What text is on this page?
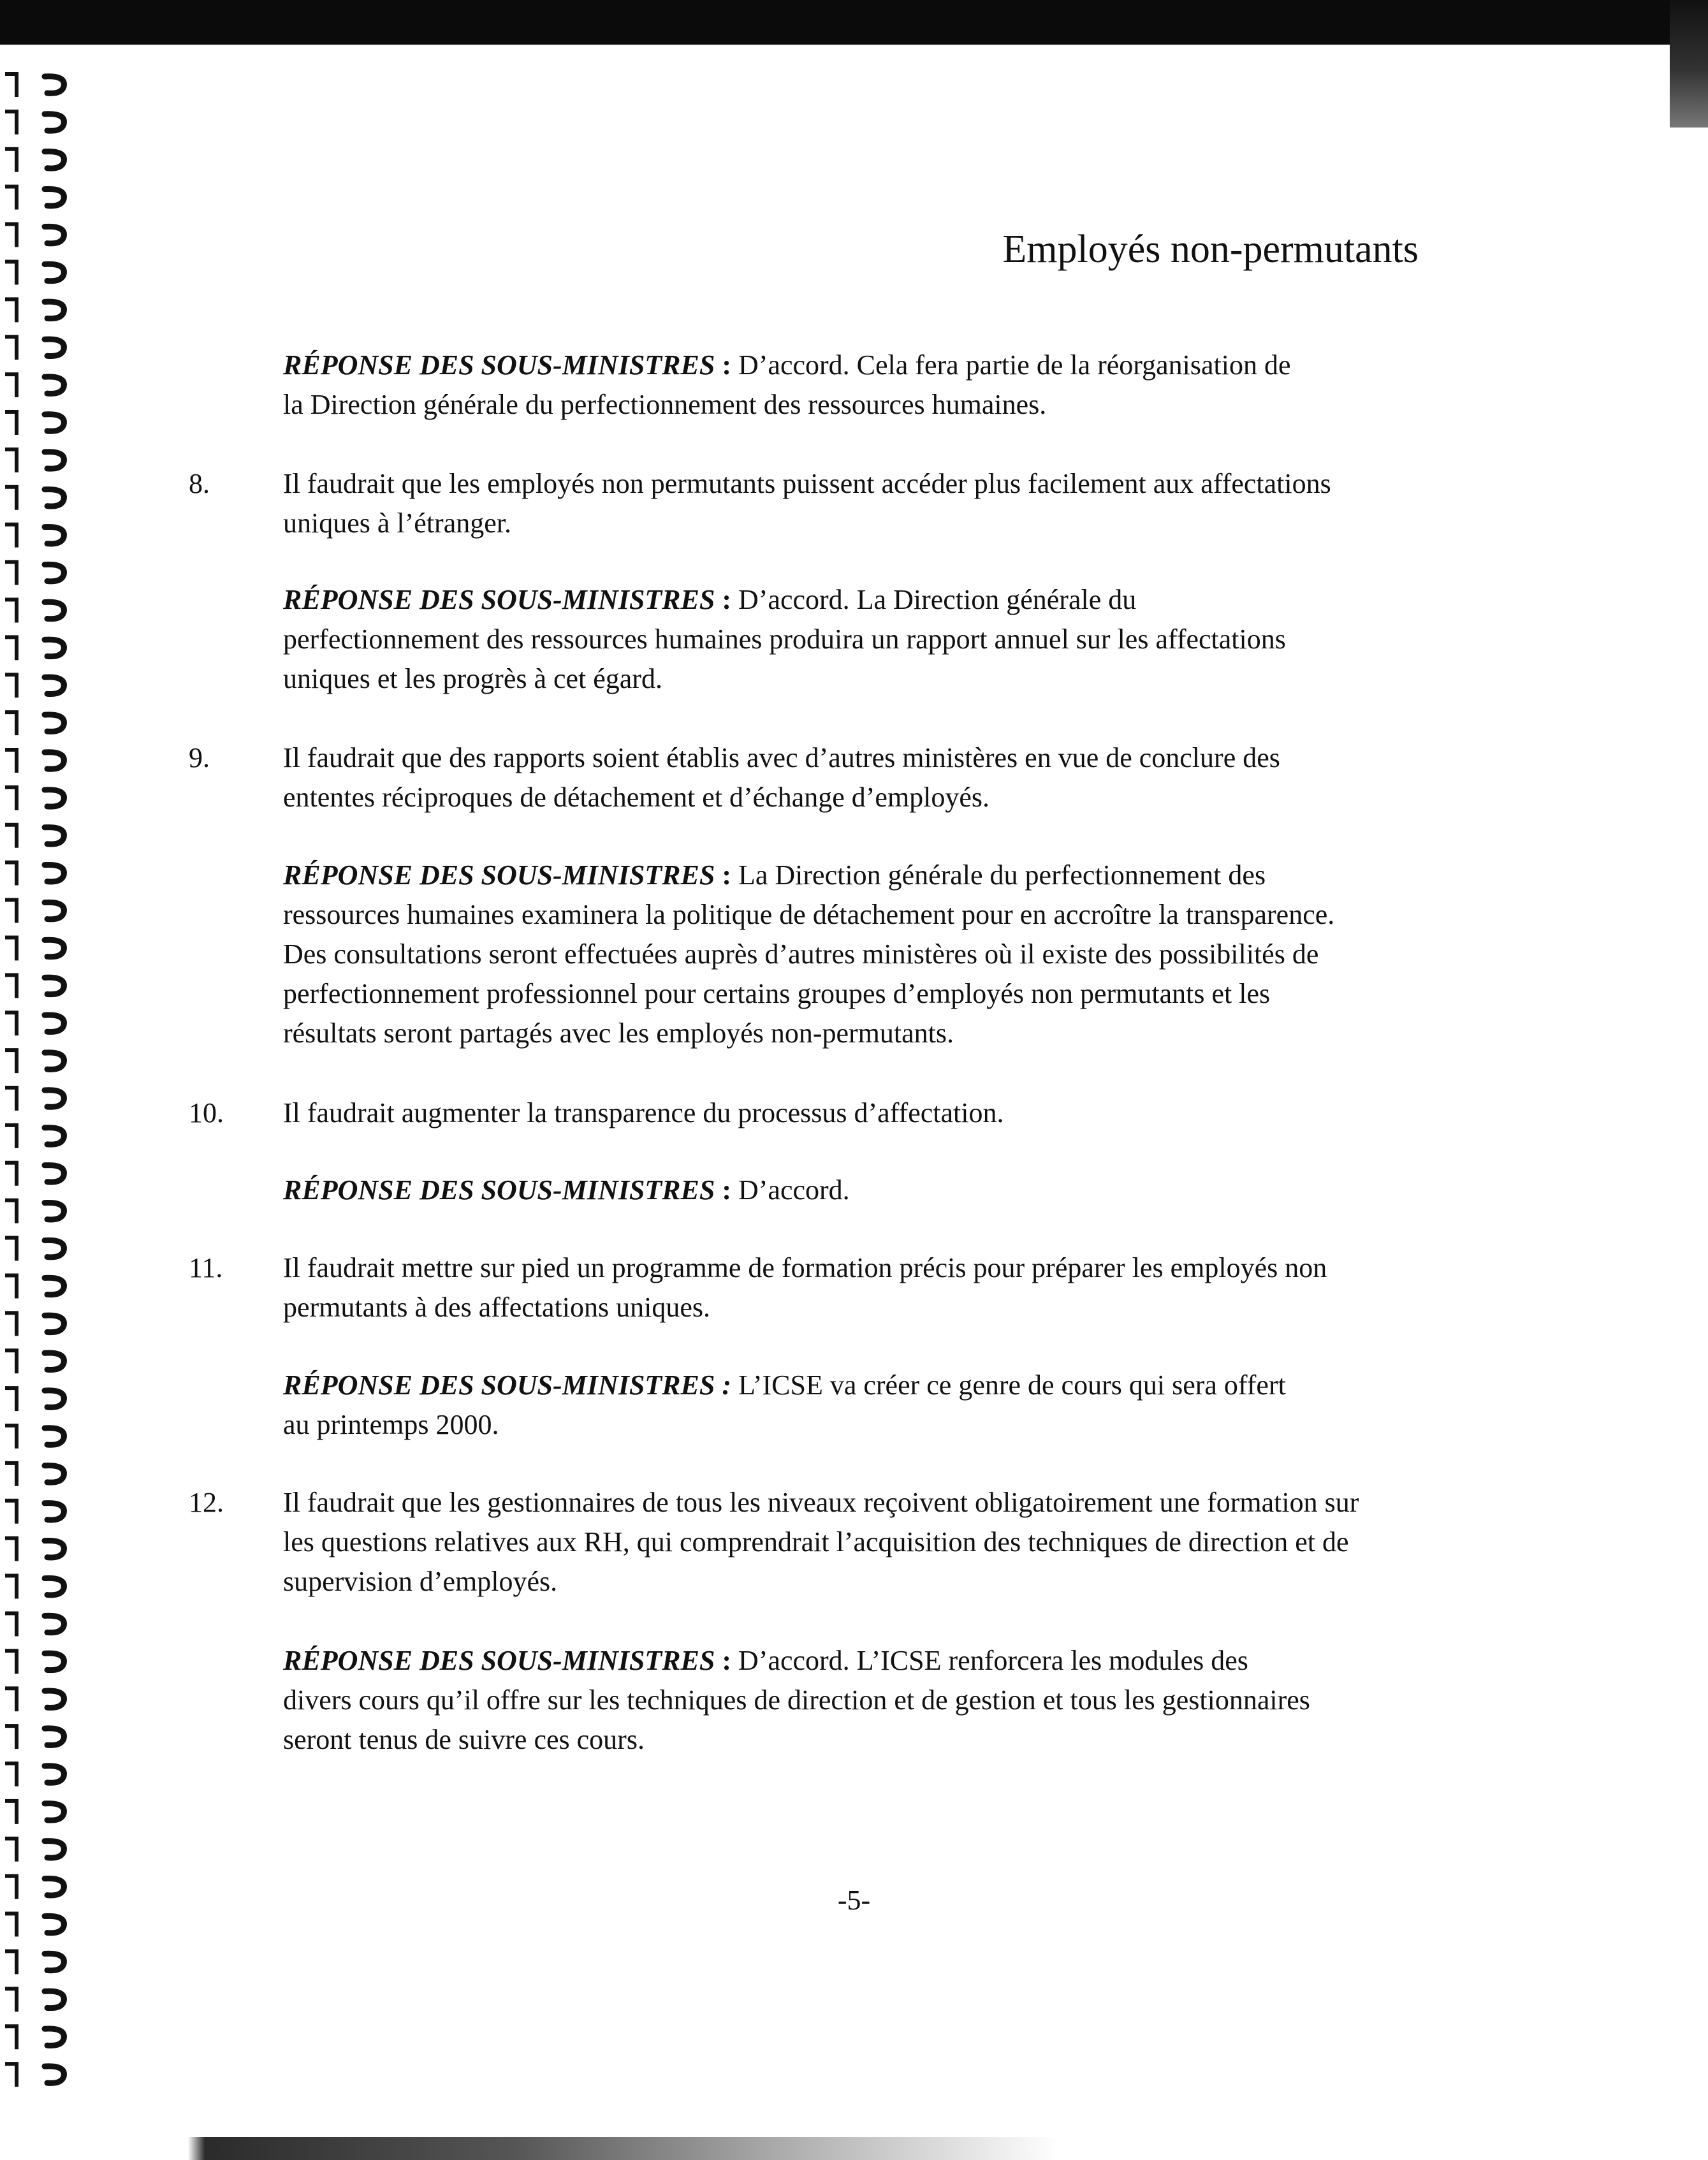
Employés non-permutants
RÉPONSE DES SOUS-MINISTRES : D’accord. Cela fera partie de la réorganisation de
la Direction générale du perfectionnement des ressources humaines.
8.	Il faudrait que les employés non permutants puissent accéder plus facilement aux affectations
uniques à l’étranger.
RÉPONSE DES SOUS-MINISTRES : D’accord. La Direction générale du
perfectionnement des ressources humaines produira un rapport annuel sur les affectations
uniques et les progrès à cet égard.
9.	Il faudrait que des rapports soient établis avec d’autres ministères en vue de conclure des
ententes réciproques de détachement et d’échange d’employés.
RÉPONSE DES SOUS-MINISTRES : La Direction générale du perfectionnement des
ressources humaines examinera la politique de détachement pour en accroître la transparence.
Des consultations seront effectuées auprès d’autres ministères où il existe des possibilités de
perfectionnement professionnel pour certains groupes d’employés non permutants et les
résultats seront partagés avec les employés non-permutants.
10. Il faudrait augmenter la transparence du processus d’affectation.
RÉPONSE DES SOUS-MINISTRES : D’accord.
11. Il faudrait mettre sur pied un programme de formation précis pour préparer les employés non
permutants à des affectations uniques.
RÉPONSE DES SOUS-MINISTRES : L’ICSE va créer ce genre de cours qui sera offert
au printemps 2000.
12. Il faudrait que les gestionnaires de tous les niveaux reçoivent obligatoirement une formation sur
les questions relatives aux RH, qui comprendrait l’acquisition des techniques de direction et de
supervision d’employés.
RÉPONSE DES SOUS-MINISTRES : D’accord. L’ICSE renforcera les modules des
divers cours qu’il offre sur les techniques de direction et de gestion et tous les gestionnaires
seront tenus de suivre ces cours.
-5-
